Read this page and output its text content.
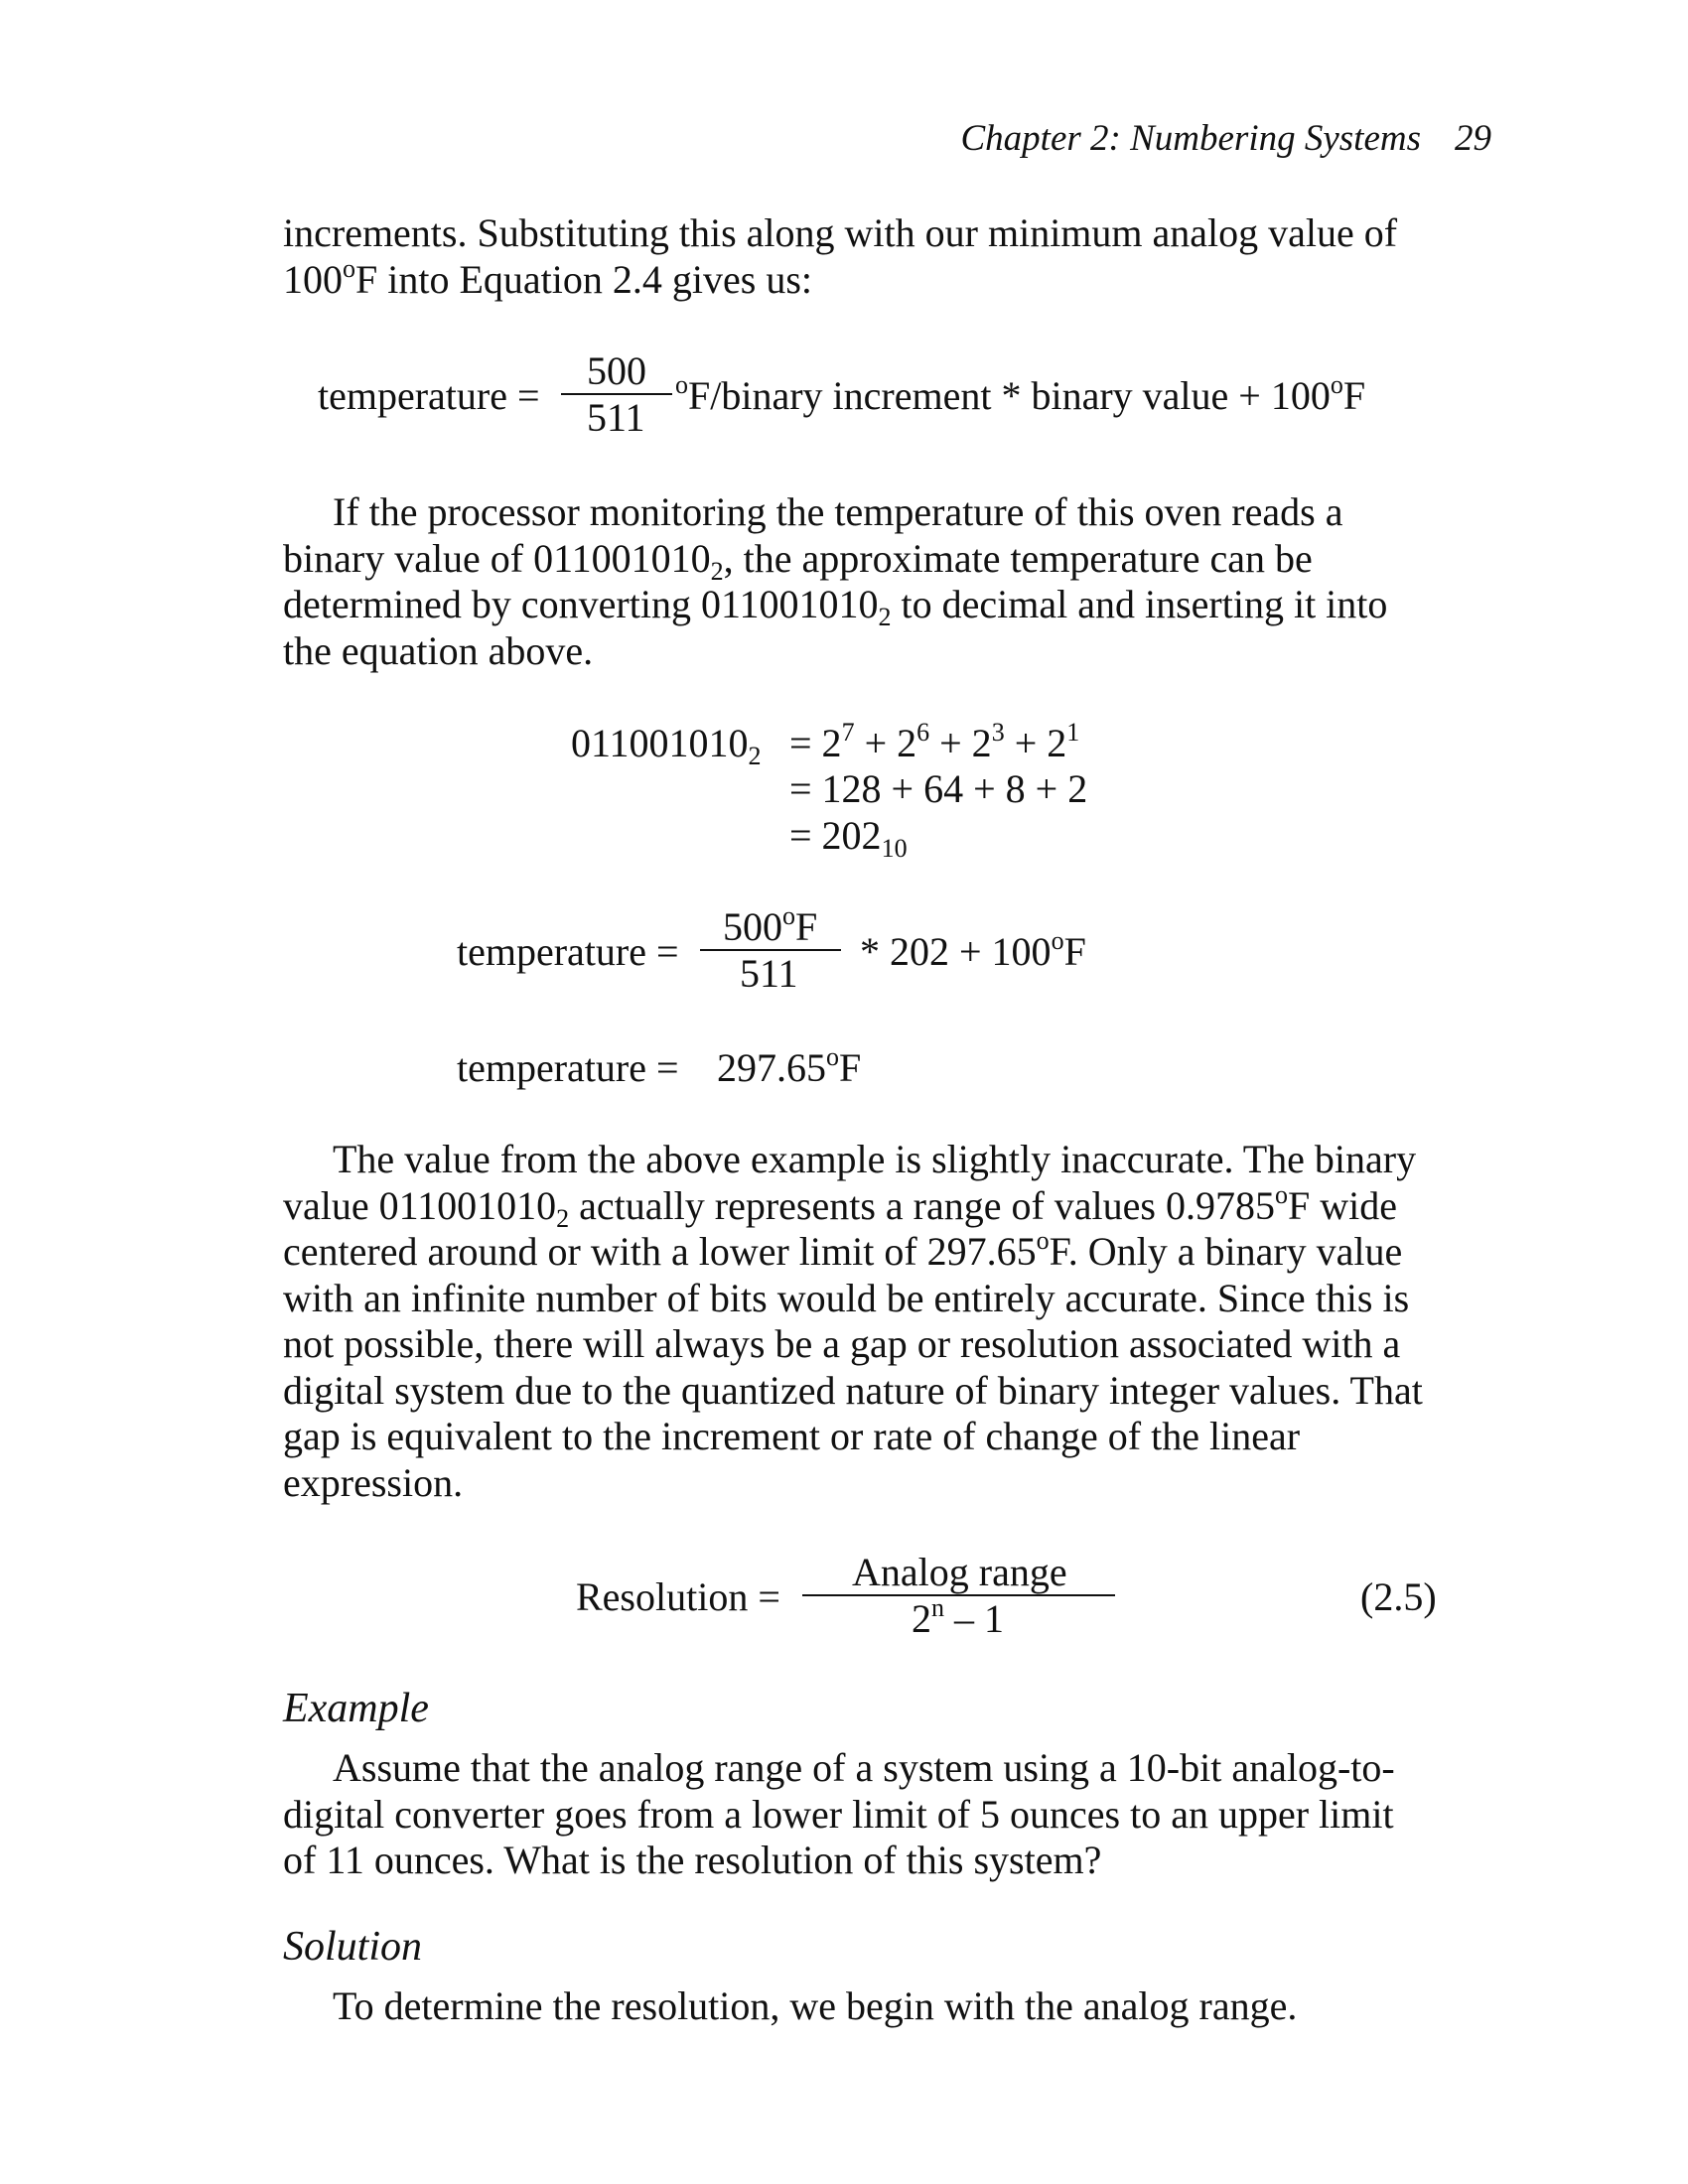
Chapter 2: Numbering Systems 29
increments. Substituting this along with our minimum analog value of
100$^o$F into Equation 2.4 gives us:
temperature =
500
511
$^o$F/binary increment * binary value + $100^oF$
If the processor monitoring the temperature of this oven reads a
binary value of $011001010_2$, the approximate temperature can be
determined by converting $011001010_2$ to decimal and inserting it into
the equation above.
$011001010_2 = 2^7 + 2^6 + 2^3 + 2^1$
= 128 + 64 + 8 + 2
= $202_{10}$
temperature =
$500^oF$
$511 * 202 + 100^oF$
temperature = $297.65^oF$
The value from the above example is slightly inaccurate. The binary
value $011001010_2$ actually represents a range of values 0.9785$^o$F wide
centered around or with a lower limit of 297.65$^o$F. Only a binary value
with an infinite number of bits would be entirely accurate. Since this is
not possible, there will always be a gap or resolution associated with a
digital system due to the quantized nature of binary integer values. That
gap is equivalent to the increment or rate of change of the linear
expression.
Resolution =
Analog range
2$^n$ – 1	(2.5)
Example
Assume that the analog range of a system using a 10-bit analog-to-
digital converter goes from a lower limit of 5 ounces to an upper limit
of 11 ounces. What is the resolution of this system?
Solution
To determine the resolution, we begin with the analog range.
